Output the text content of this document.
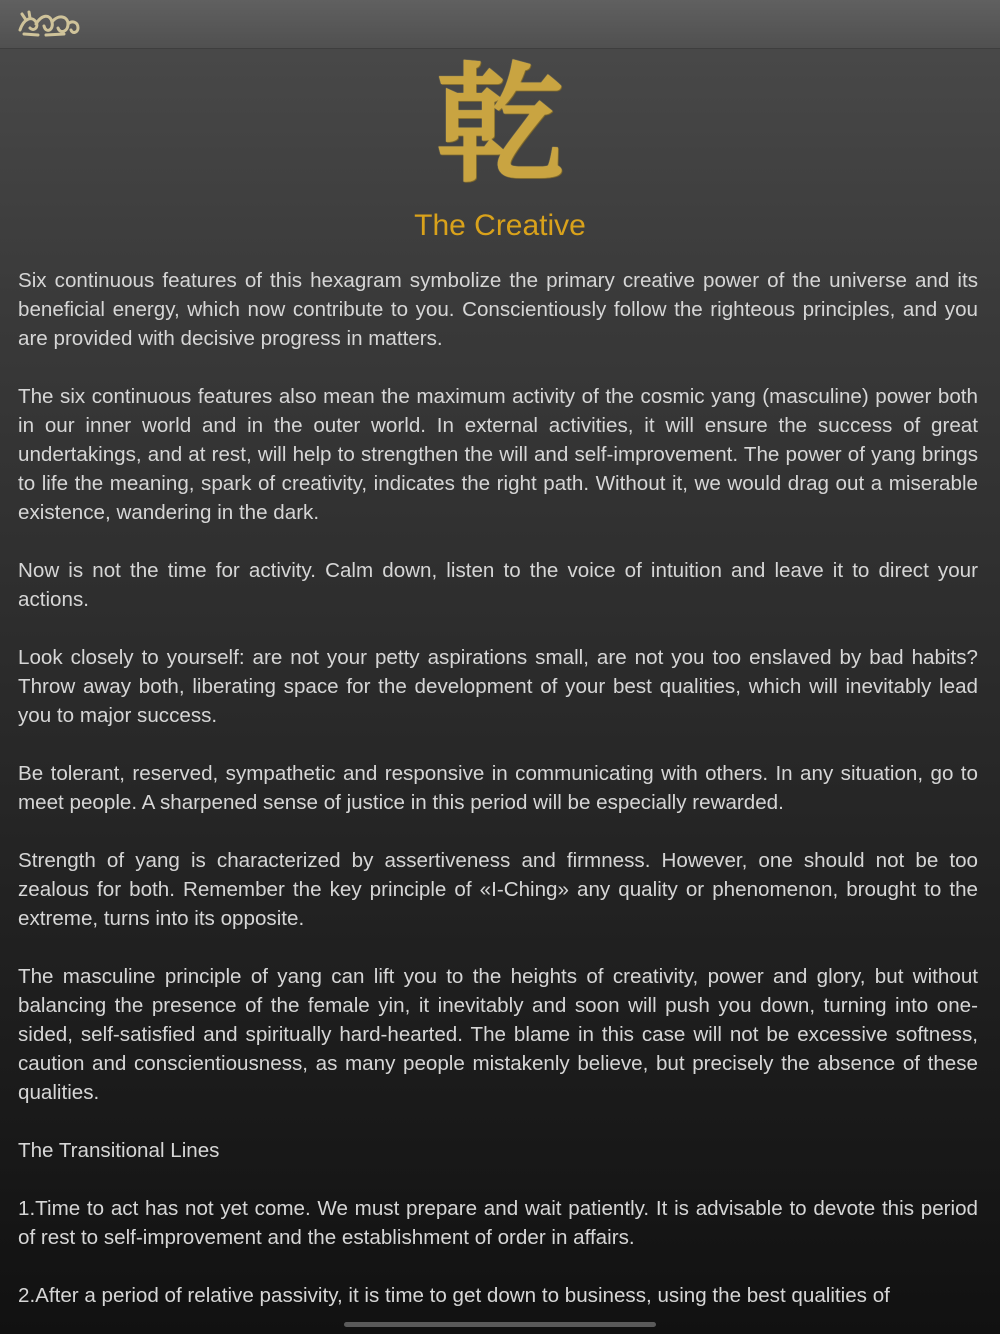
乾
The Creative

Six continuous features of this hexagram symbolize the primary creative power of the universe and its beneficial energy, which now contribute to you. Conscientiously follow the righteous principles, and you are provided with decisive progress in matters.

The six continuous features also mean the maximum activity of the cosmic yang (masculine) power both in our inner world and in the outer world. In external activities, it will ensure the success of great undertakings, and at rest, will help to strengthen the will and self-improvement. The power of yang brings to life the meaning, spark of creativity, indicates the right path. Without it, we would drag out a miserable existence, wandering in the dark.

Now is not the time for activity. Calm down, listen to the voice of intuition and leave it to direct your actions.

Look closely to yourself: are not your petty aspirations small, are not you too enslaved by bad habits? Throw away both, liberating space for the development of your best qualities, which will inevitably lead you to major success.

Be tolerant, reserved, sympathetic and responsive in communicating with others. In any situation, go to meet people. A sharpened sense of justice in this period will be especially rewarded.

Strength of yang is characterized by assertiveness and firmness. However, one should not be too zealous for both. Remember the key principle of «I-Ching» any quality or phenomenon, brought to the extreme, turns into its opposite.

The masculine principle of yang can lift you to the heights of creativity, power and glory, but without balancing the presence of the female yin, it inevitably and soon will push you down, turning into one-sided, self-satisfied and spiritually hard-hearted. The blame in this case will not be excessive softness, caution and conscientiousness, as many people mistakenly believe, but precisely the absence of these qualities.

The Transitional Lines

1.Time to act has not yet come. We must prepare and wait patiently. It is advisable to devote this period of rest to self-improvement and the establishment of order in affairs.

2.After a period of relative passivity, it is time to get down to business, using the best qualities of
